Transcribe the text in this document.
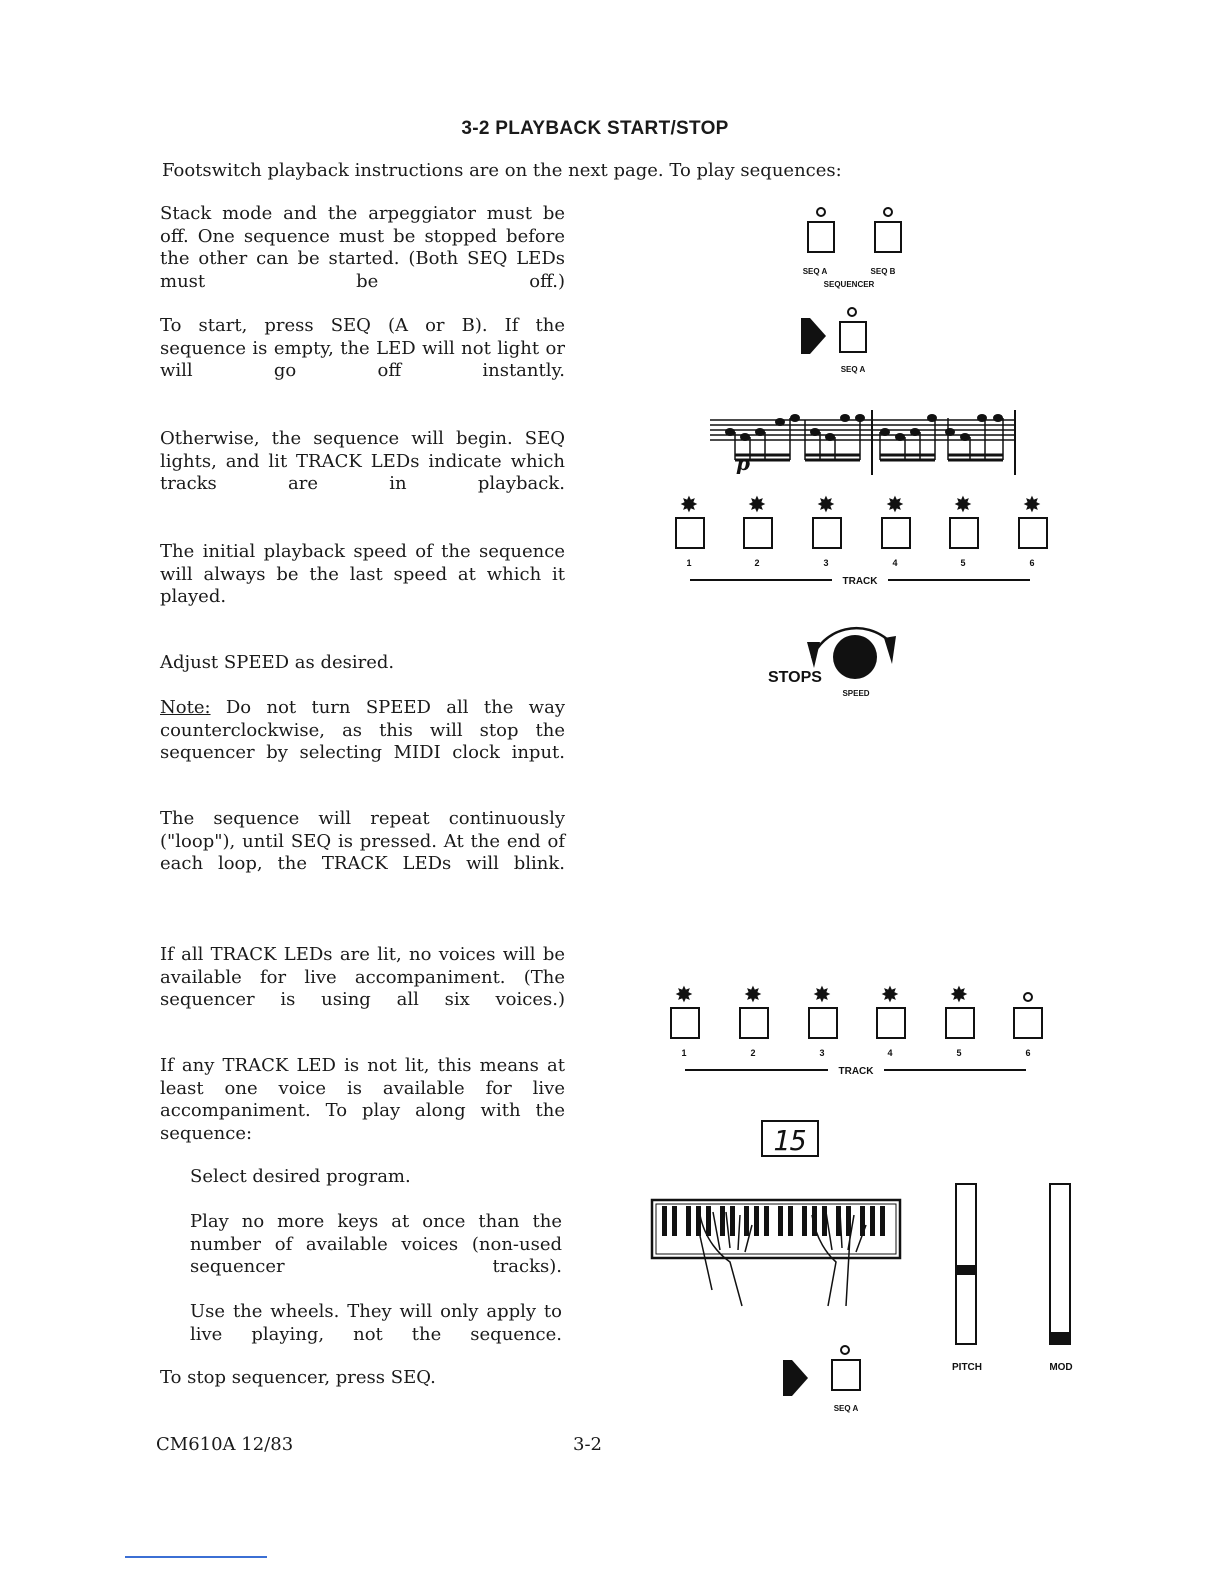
3-2 PLAYBACK START/STOP
Footswitch playback instructions are on the next page. To play sequences:
Stack mode and the arpeggiator must be off. One sequence must be stopped before the other can be started. (Both SEQ LEDs must be off.)
To start, press SEQ (A or B). If the sequence is empty, the LED will not light or will go off instantly.
Otherwise, the sequence will begin. SEQ lights, and lit TRACK LEDs indicate which tracks are in playback.
The initial playback speed of the sequence will always be the last speed at which it played.
Adjust SPEED as desired.
Note: Do not turn SPEED all the way counterclockwise, as this will stop the sequencer by selecting MIDI clock input.
The sequence will repeat continuously ("loop"), until SEQ is pressed. At the end of each loop, the TRACK LEDs will blink.
If all TRACK LEDs are lit, no voices will be available for live accompaniment. (The sequencer is using all six voices.)
If any TRACK LED is not lit, this means at least one voice is available for live accompaniment. To play along with the sequence:
Select desired program.
Play no more keys at once than the number of available voices (non-used sequencer tracks).
Use the wheels. They will only apply to live playing, not the sequence.
To stop sequencer, press SEQ.
CM610A 12/83	3-2
p
✸ ✸ ✸ ✸ ✸ ✸
✸ ✸ ✸ ✸ ✸
SEQ A	SEQ B
SEQUENCER
SEQ A
1	2	3	4	5	6
TRACK
STOPS
SPEED
1	2	3	4	5	6
TRACK
15
SEQ A
PITCH	MOD
